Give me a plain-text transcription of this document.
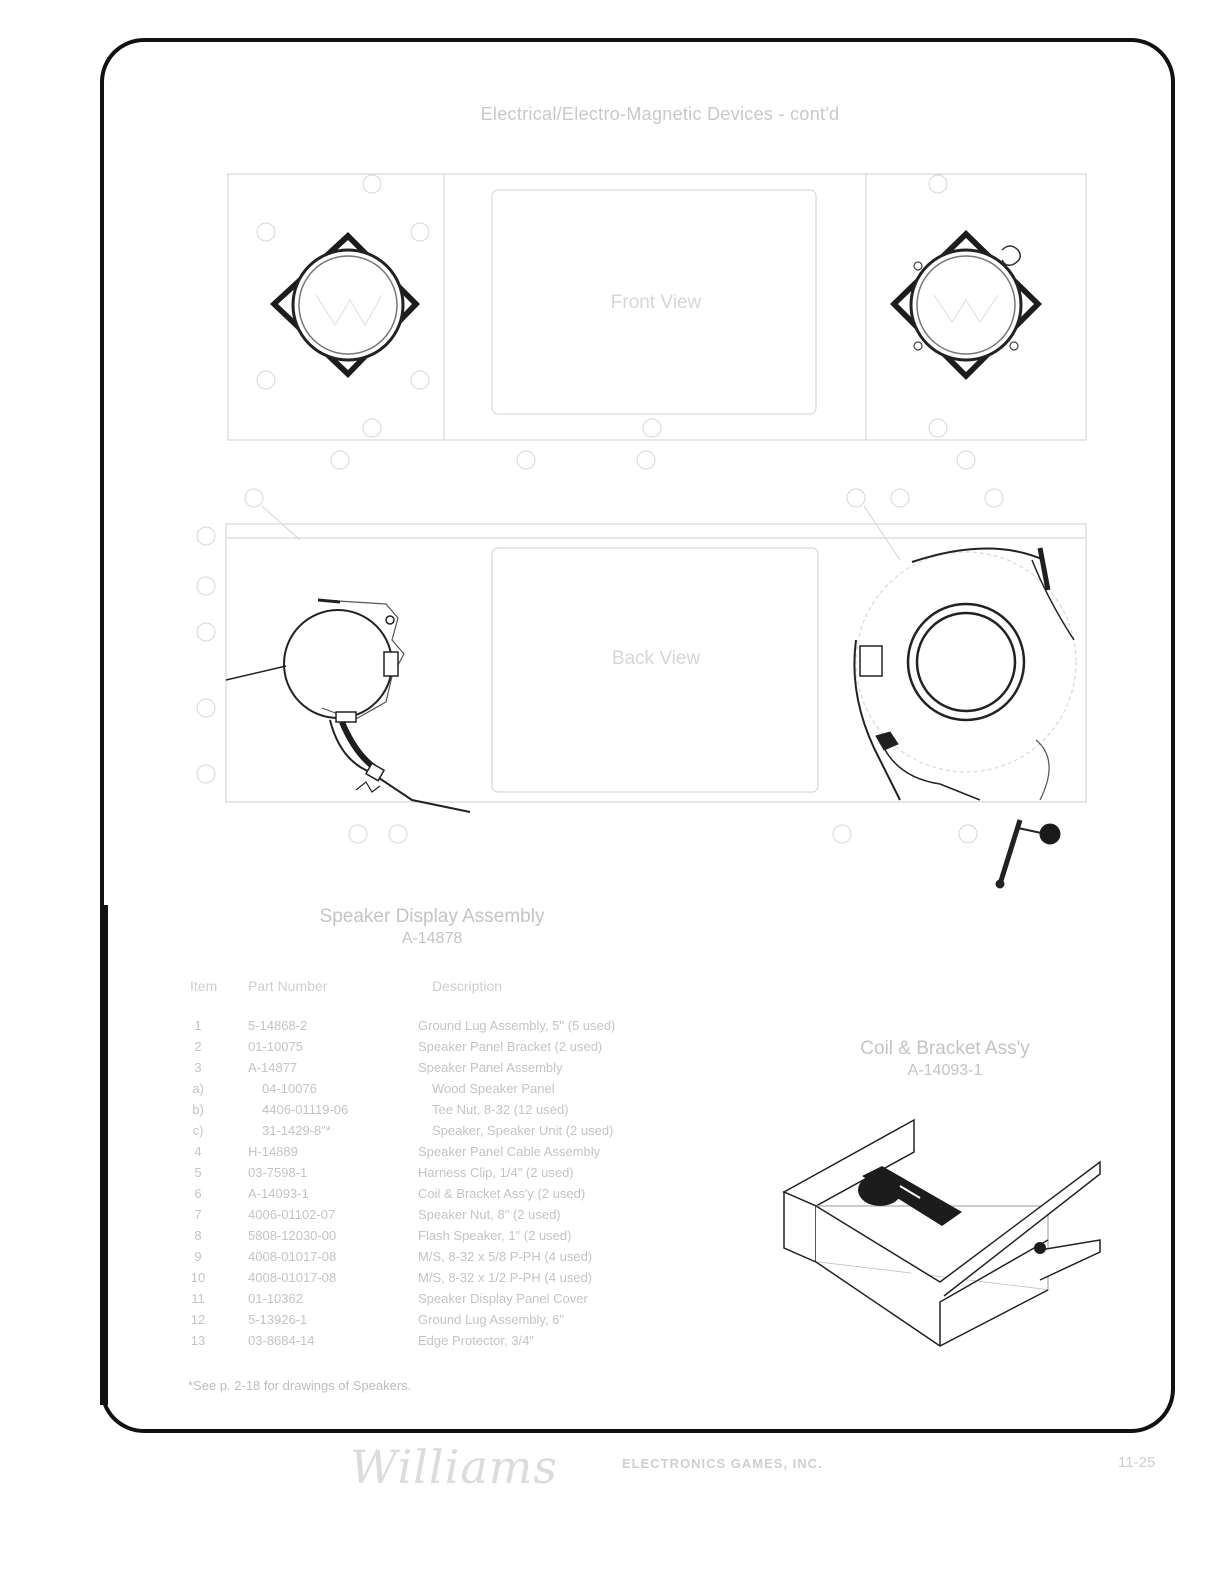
Electrical/Electro-Magnetic Devices - cont'd
Front View
Back View
Speaker Display Assembly
A-14878
Coil & Bracket Ass'y
A-14093-1
Item Part Number	Description
1	5-14868-2	Ground Lug Assembly, 5" (5 used)
2	01-10075	Speaker Panel Bracket (2 used)
3	A-14877	Speaker Panel Assembly
a)	04-10076	Wood Speaker Panel
b)	4406-01119-06	Tee Nut, 8-32 (12 used)
c)	31-1429-8"*	Speaker, Speaker Unit (2 used)
4	H-14889	Speaker Panel Cable Assembly
5	03-7598-1	Harness Clip, 1/4" (2 used)
6	A-14093-1	Coil & Bracket Ass'y (2 used)
7	4006-01102-07	Speaker Nut, 8" (2 used)
8	5808-12030-00	Flash Speaker, 1" (2 used)
9	4008-01017-08	M/S, 8-32 x 5/8 P-PH (4 used)
10	4008-01017-08	M/S, 8-32 x 1/2 P-PH (4 used)
11	01-10362	Speaker Display Panel Cover
12	5-13926-1	Ground Lug Assembly, 6"
13	03-8684-14	Edge Protector, 3/4"
*See p. 2-18 for drawings of Speakers.
Williams	ELECTRONICS GAMES, INC.	11-25
